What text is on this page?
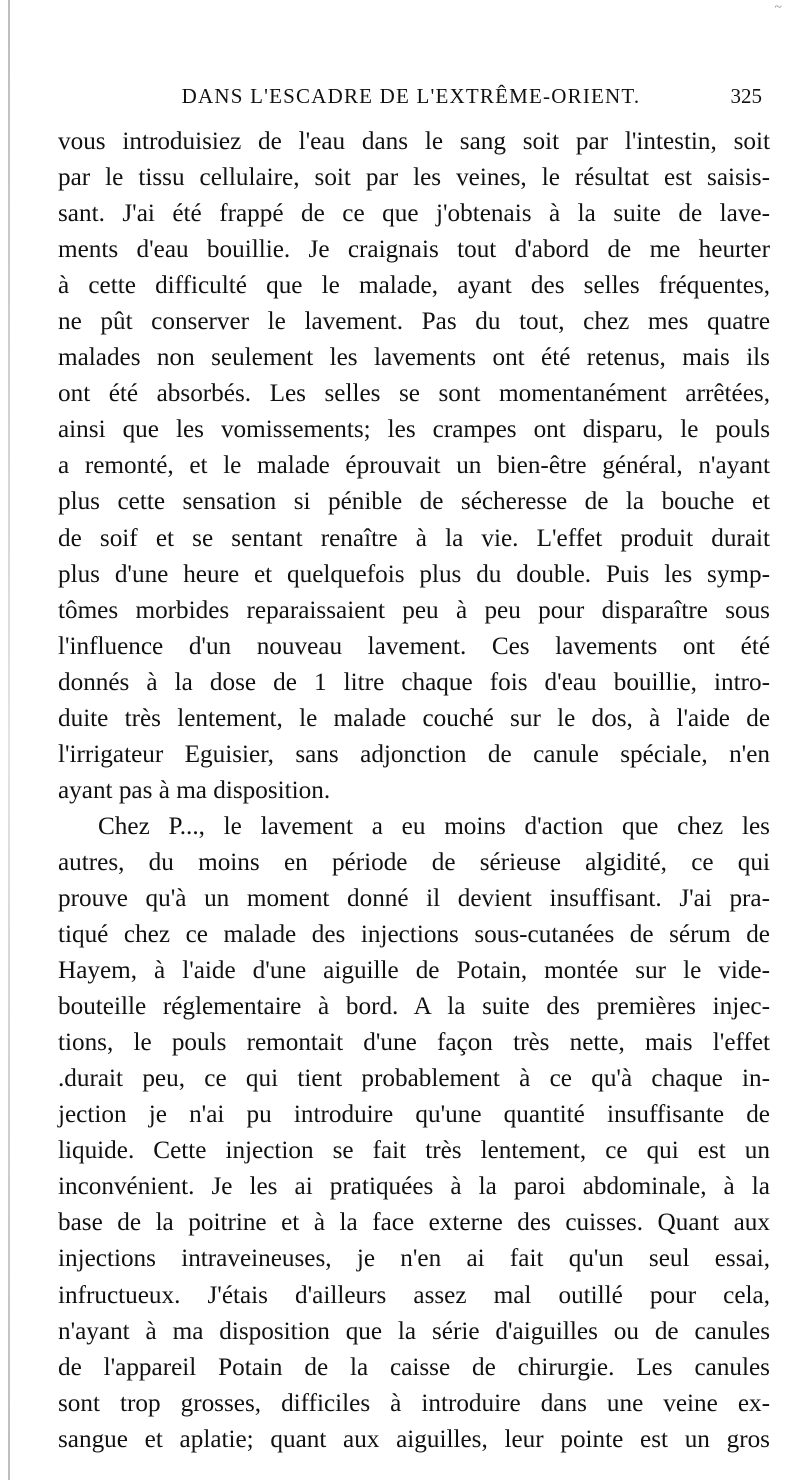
~
DANS L'ESCADRE DE L'EXTRÊME-ORIENT.	325
vous introduisiez de l'eau dans le sang soit par l'intestin, soit
par le tissu cellulaire, soit par les veines, le résultat est saisis-
sant. J'ai été frappé de ce que j'obtenais à la suite de lave-
ments d'eau bouillie. Je craignais tout d'abord de me heurter
à cette difficulté que le malade, ayant des selles fréquentes,
ne pût conserver le lavement. Pas du tout, chez mes quatre
malades non seulement les lavements ont été retenus, mais ils
ont été absorbés. Les selles se sont momentanément arrêtées,
ainsi que les vomissements; les crampes ont disparu, le pouls
a remonté, et le malade éprouvait un bien-être général, n'ayant
plus cette sensation si pénible de sécheresse de la bouche et
de soif et se sentant renaître à la vie. L'effet produit durait
plus d'une heure et quelquefois plus du double. Puis les symp-
tômes morbides reparaissaient peu à peu pour disparaître sous
l'influence d'un nouveau lavement. Ces lavements ont été
donnés à la dose de 1 litre chaque fois d'eau bouillie, intro-
duite très lentement, le malade couché sur le dos, à l'aide de
l'irrigateur Eguisier, sans adjonction de canule spéciale, n'en
ayant pas à ma disposition.
Chez P..., le lavement a eu moins d'action que chez les
autres, du moins en période de sérieuse algidité, ce qui
prouve qu'à un moment donné il devient insuffisant. J'ai pra-
tiqué chez ce malade des injections sous-cutanées de sérum de
Hayem, à l'aide d'une aiguille de Potain, montée sur le vide-
bouteille réglementaire à bord. A la suite des premières injec-
tions, le pouls remontait d'une façon très nette, mais l'effet
.durait peu, ce qui tient probablement à ce qu'à chaque in-
jection je n'ai pu introduire qu'une quantité insuffisante de
liquide. Cette injection se fait très lentement, ce qui est un
inconvénient. Je les ai pratiquées à la paroi abdominale, à la
base de la poitrine et à la face externe des cuisses. Quant aux
injections intraveineuses, je n'en ai fait qu'un seul essai,
infructueux. J'étais d'ailleurs assez mal outillé pour cela,
n'ayant à ma disposition que la série d'aiguilles ou de canules
de l'appareil Potain de la caisse de chirurgie. Les canules
sont trop grosses, difficiles à introduire dans une veine ex-
sangue et aplatie; quant aux aiguilles, leur pointe est un gros
